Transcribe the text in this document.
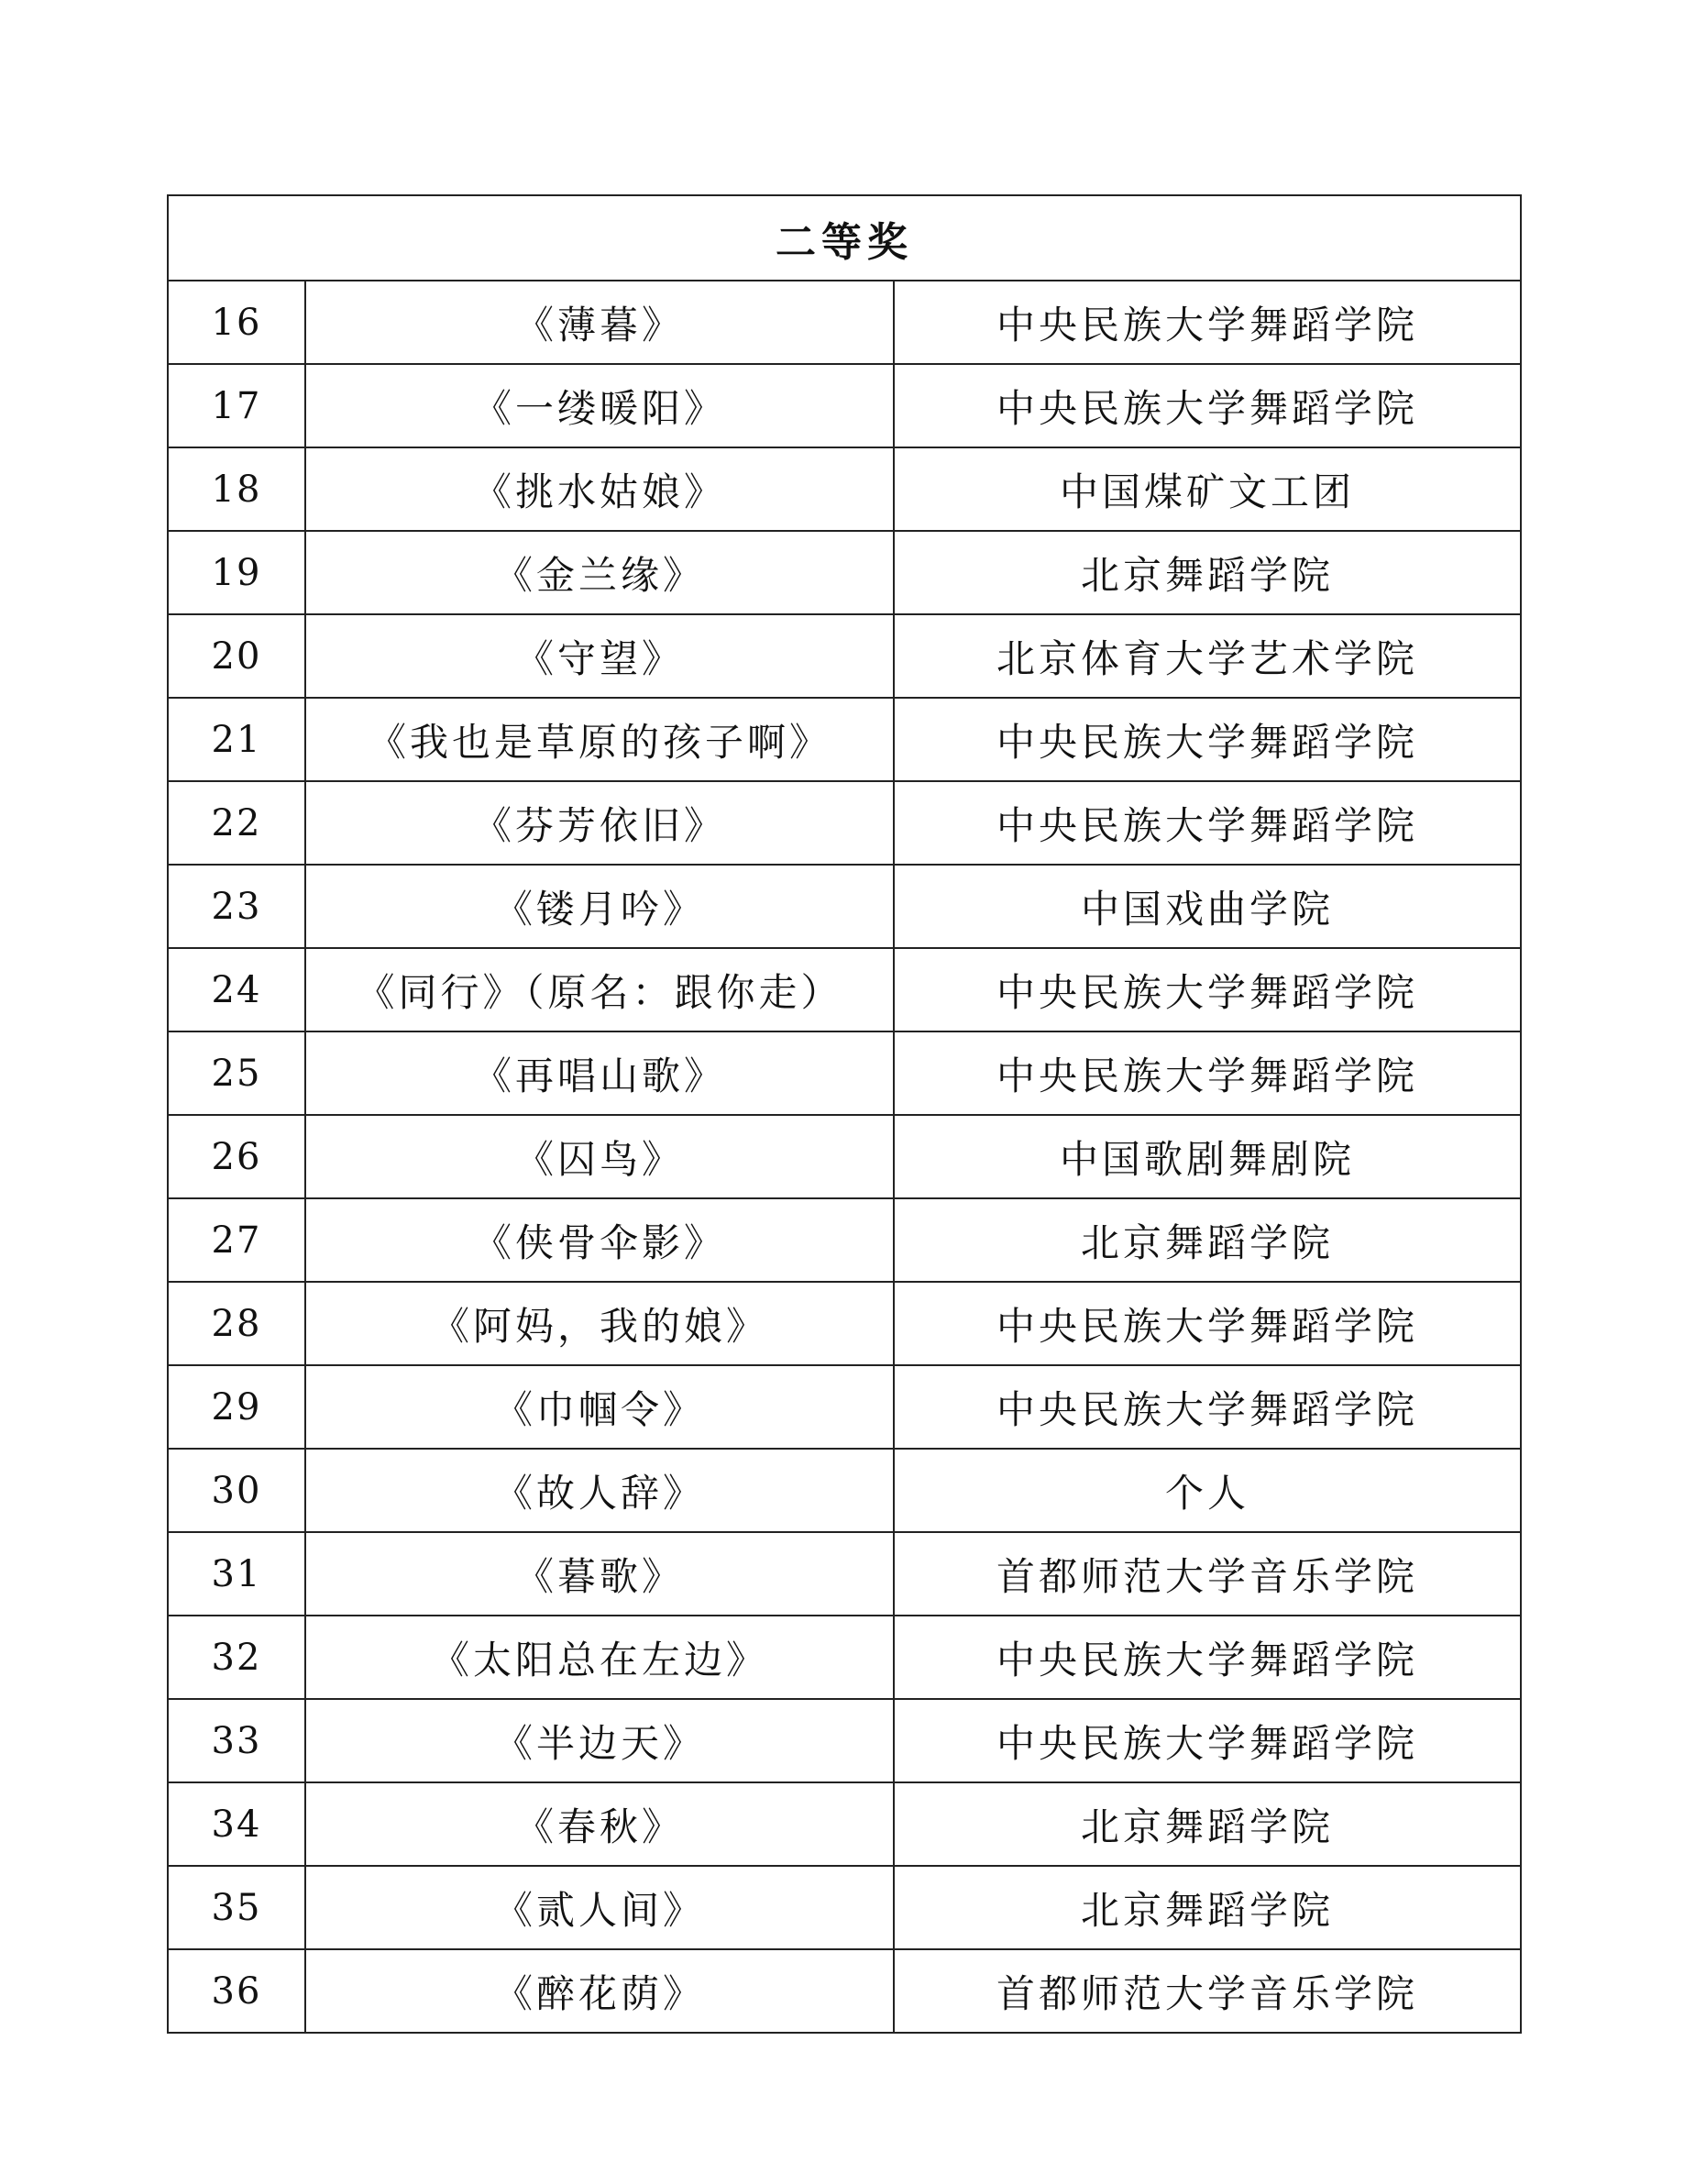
二等奖		
16	《薄暮》	中央民族大学舞蹈学院
17	《一缕暖阳》	中央民族大学舞蹈学院
18	《挑水姑娘》	中国煤矿文工团
19	《金兰缘》	北京舞蹈学院
20	《守望》	北京体育大学艺术学院
21	《我也是草原的孩子啊》	中央民族大学舞蹈学院
22	《芬芳依旧》	中央民族大学舞蹈学院
23	《镂月吟》	中国戏曲学院
24	《同行》（原名：跟你走）	中央民族大学舞蹈学院
25	《再唱山歌》	中央民族大学舞蹈学院
26	《囚鸟》	中国歌剧舞剧院
27	《侠骨伞影》	北京舞蹈学院
28	《阿妈，我的娘》	中央民族大学舞蹈学院
29	《巾帼令》	中央民族大学舞蹈学院
30	《故人辞》	个人
31	《暮歌》	首都师范大学音乐学院
32	《太阳总在左边》	中央民族大学舞蹈学院
33	《半边天》	中央民族大学舞蹈学院
34	《春秋》	北京舞蹈学院
35	《贰人间》	北京舞蹈学院
36	《醉花荫》	首都师范大学音乐学院
